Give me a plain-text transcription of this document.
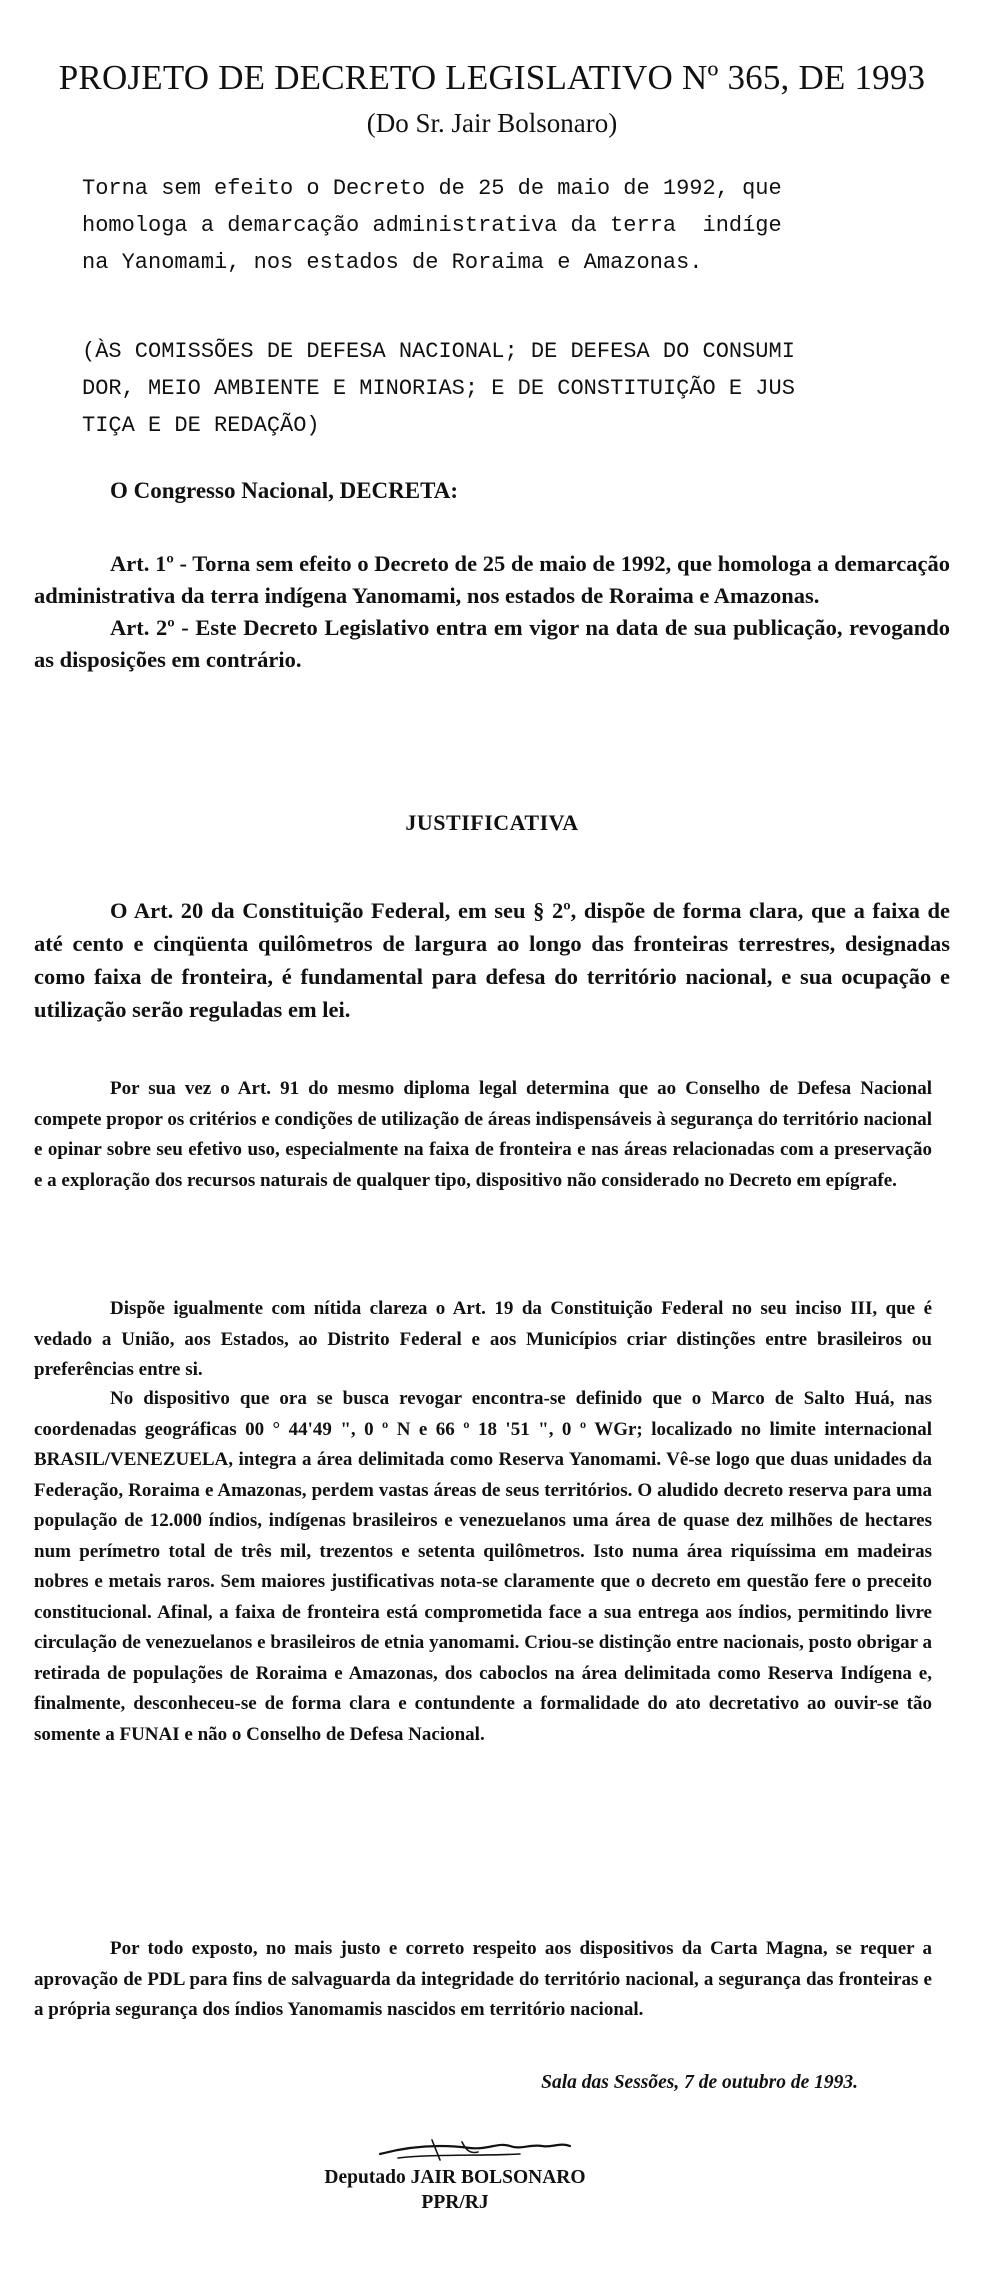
PROJETO DE DECRETO LEGISLATIVO Nº 365, DE 1993
(Do Sr. Jair Bolsonaro)
Torna sem efeito o Decreto de 25 de maio de 1992, que
homologa a demarcação administrativa da terra  indíge
na Yanomami, nos estados de Roraima e Amazonas.
(ÀS COMISSÕES DE DEFESA NACIONAL; DE DEFESA DO CONSUMI
DOR, MEIO AMBIENTE E MINORIAS; E DE CONSTITUIÇÃO E JUS
TIÇA E DE REDAÇÃO)
O Congresso Nacional, DECRETA:

Art. 1º - Torna sem efeito o Decreto de 25 de maio de 1992, que homologa a demarcação administrativa da terra indígena Yanomami, nos estados de Roraima e Amazonas.

Art. 2º - Este Decreto Legislativo entra em vigor na data de sua publicação, revogando as disposições em contrário.

JUSTIFICATIVA

O Art. 20 da Constituição Federal, em seu § 2º, dispõe de forma clara, que a faixa de até cento e cinqüenta quilômetros de largura ao longo das fronteiras terrestres, designadas como faixa de fronteira, é fundamental para defesa do território nacional, e sua ocupação e utilização serão reguladas em lei.

Por sua vez o Art. 91 do mesmo diploma legal determina que ao Conselho de Defesa Nacional compete propor os critérios e condições de utilização de áreas indispensáveis à segurança do território nacional e opinar sobre seu efetivo uso, especialmente na faixa de fronteira e nas áreas relacionadas com a preservação e a exploração dos recursos naturais de qualquer tipo, dispositivo não considerado no Decreto em epígrafe.

Dispõe igualmente com nítida clareza o Art. 19 da Constituição Federal no seu inciso III, que é vedado a União, aos Estados, ao Distrito Federal e aos Municípios criar distinções entre brasileiros ou preferências entre si.

No dispositivo que ora se busca revogar encontra-se definido que o Marco de Salto Huá, nas coordenadas geográficas 00 ° 44'49 ", 0 º N e 66 º 18 '51 ", 0 º WGr; localizado no limite internacional BRASIL/VENEZUELA, integra a área delimitada como Reserva Yanomami. Vê-se logo que duas unidades da Federação, Roraima e Amazonas, perdem vastas áreas de seus territórios. O aludido decreto reserva para uma população de 12.000 índios, indígenas brasileiros e venezuelanos uma área de quase dez milhões de hectares num perímetro total de três mil, trezentos e setenta quilômetros. Isto numa área riquíssima em madeiras nobres e metais raros. Sem maiores justificativas nota-se claramente que o decreto em questão fere o preceito constitucional. Afinal, a faixa de fronteira está comprometida face a sua entrega aos índios, permitindo livre circulação de venezuelanos e brasileiros de etnia yanomami. Criou-se distinção entre nacionais, posto obrigar a retirada de populações de Roraima e Amazonas, dos caboclos na área delimitada como Reserva Indígena e, finalmente, desconheceu-se de forma clara e contundente a formalidade do ato decretativo ao ouvir-se tão somente a FUNAI e não o Conselho de Defesa Nacional.

Por todo exposto, no mais justo e correto respeito aos dispositivos da Carta Magna, se requer a aprovação de PDL para fins de salvaguarda da integridade do território nacional, a segurança das fronteiras e a própria segurança dos índios Yanomamis nascidos em território nacional.

Sala das Sessões, 7 de outubro de 1993.
Deputado JAIR BOLSONARO
PPR/RJ
